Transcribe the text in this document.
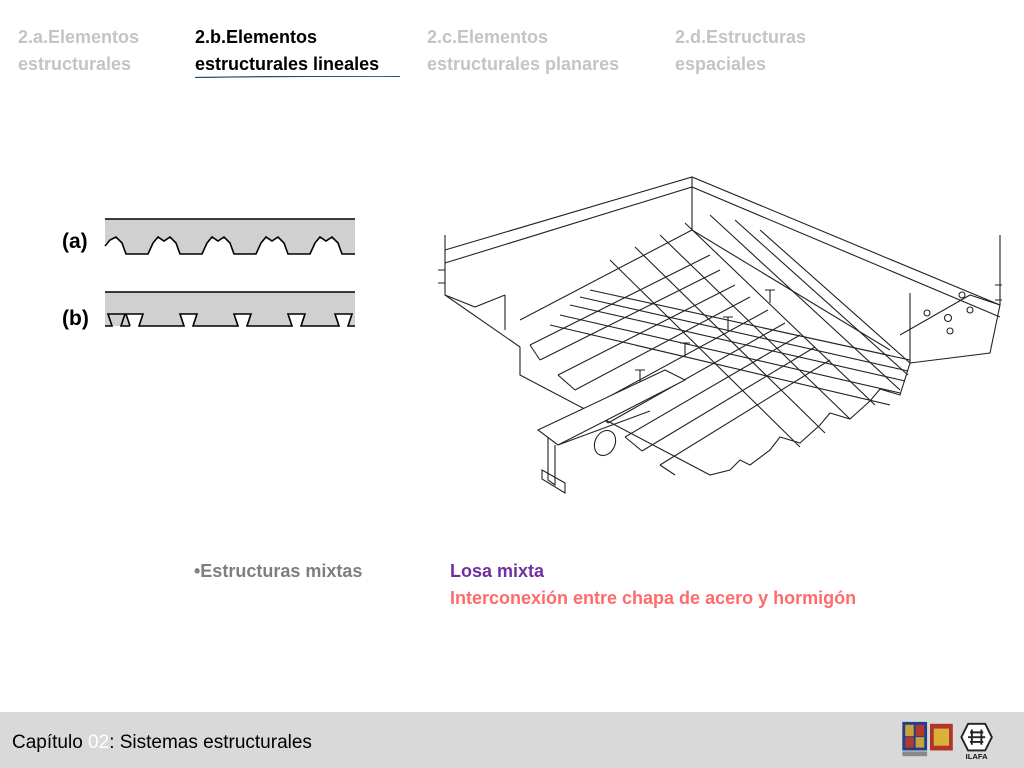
2.a.Elementos
estructurales
2.b.Elementos
estructurales lineales
2.c.Elementos
estructurales planares
2.d.Estructuras
espaciales
(a)
(b)
•Estructuras mixtas	Losa mixta
Interconexión entre chapa de acero y hormigón
Capítulo 02: Sistemas estructurales
ILAFA
